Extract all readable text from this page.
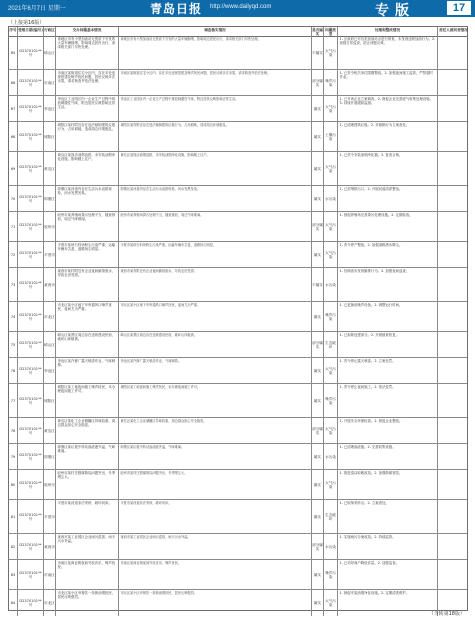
2021年6月7日 星期一	青岛日报 http://www.dailyqd.com	专版	17
（上接第16版）
序号 受理日期(编号) 行政区	交办问题基本情况	调查核实情况	是否属实
问题类型
处理和整改情况	责任人被问责情况
65	D2370101**号	崂山区
该地区市有小型加油站无资质下引发的大量车辆拥堵，影响周边居民出行，请求相关部门尽快处理。
该地区市有小型加油站无资质下引发的大量车辆拥堵，影响周边居民出行，请求相关部门尽快处理。
不属实 大气污染
1. 区政府已对各类加油站点进行排查，未发现违规加油行为。2. 加强日常巡查，防止问题反弹。
66	D2370101**号	市南区
市南区某街道住宅小区内，存在多处违规搭建及噪声扰民问题，居民反映多次未果，请求核查并依法处理。
市南区某街道住宅小区内，存在多处违规搭建及噪声扰民问题，居民反映多次未果，请求核查并依法处理。
部分属实
噪声污染
1. 已责令相关单位限期整改。2. 加强夜间施工监管，严禁超时作业。
67	D2370101**号	李沧区
李沧区工业园区内一企业生产过程中排放刺激性气味，附近居民反映影响正常生活。
李沧区工业园区内一企业生产过程中排放刺激性气味，附近居民反映影响正常生活。
属实	大气污染
1. 已对该企业立案调查。2. 督促企业完善废气收集处理设施。3. 持续开展跟踪监测。
68	D2370101**号	城阳区
城阳区某村附近存在违法倾倒建筑垃圾行为，占用耕地，造成周边环境脏乱。
城阳区某村附近存在违法倾倒建筑垃圾行为，占用耕地，造成周边环境脏乱。
属实	土壤污染
1. 已清理建筑垃圾。2. 对倾倒行为立案查处。
69	D2370101**号	黄岛区
黄岛区某饭店油烟直排，未安装油烟净化设施，影响楼上住户。
黄岛区某饭店油烟直排，未安装油烟净化设施，影响楼上住户。
属实	大气污染
1. 已责令安装油烟净化器。2. 复查合格。
70	D2370101**号	即墨区
即墨区某河道内存在生活污水直排现象，河水发黑发臭。
即墨区某河道内存在生活污水直排现象，河水发黑发臭。
属实	水污染
1. 已封堵排污口。2. 开展河道清淤整治。
71	D2370101**号	胶州市
胶州市某养殖场粪污处理不当，随意排放，周边气味难闻。
胶州市某养殖场粪污处理不当，随意排放，周边气味难闻。
部分属实
大气污染
1. 督促养殖场完善粪污处理设施。2. 定期检查。
72	D2370101**号	平度市
平度市某砂石料场粉尘污染严重，运输车辆未苫盖，道路扬尘明显。
平度市某砂石料场粉尘污染严重，运输车辆未苫盖，道路扬尘明显。
属实	大气污染
1. 责令停产整改。2. 加强道路洒水降尘。
73	D2370101**号	莱西市
莱西市某村附近有企业夜间偷排废水，导致农田受损。
莱西市某村附近有企业夜间偷排废水，导致农田受损。
不属实 水污染
1. 经调查未发现偷排行为。2. 加强夜间巡查。
74	D2370101**号	市北区
市北区某小区地下车库通风口噪声扰民，夜间尤为严重。
市北区某小区地下车库通风口噪声扰民，夜间尤为严重。
属实	噪声污染
1. 已更换低噪声设备。2. 调整运行时间。
75	D2370101**号	崂山区
崂山区某景区周边存在违规建设民宿，破坏山体植被。
崂山区某景区周边存在违规建设民宿，破坏山体植被。
部分属实
生态破坏
1. 已拆除违建部分。2. 开展植被恢复。
76	D2370101**号	李沧区
李沧区某汽修厂露天喷漆作业，气味刺鼻。
李沧区某汽修厂露天喷漆作业，气味刺鼻。
属实	大气污染
1. 责令停止露天喷漆。2. 立案处罚。
77	D2370101**号	城阳区
城阳区某工地夜间施工噪声扰民，未办理夜间施工许可。
城阳区某工地夜间施工噪声扰民，未办理夜间施工许可。
属实	噪声污染
1. 责令停止夜间施工。2. 依法处罚。
78	D2370101**号	黄岛区
黄岛区某化工企业储罐区异味较重，周边群众担心安全隐患。
黄岛区某化工企业储罐区异味较重，周边群众担心安全隐患。
部分属实
大气污染
1. 开展安全环保检查。2. 督促企业整改。
79	D2370101**号	即墨区
即墨区某垃圾中转站渗滤液外溢，气味难闻。
即墨区某垃圾中转站渗滤液外溢，气味难闻。
属实	水污染
1. 已清理渗滤液。2. 完善收集设施。
80	D2370101**号	胶州市
胶州市某村庄燃煤散烧问题突出，冬季烟尘大。
胶州市某村庄燃煤散烧问题突出，冬季烟尘大。
属实	大气污染
1. 推进清洁取暖改造。2. 加强散煤管控。
81	D2370101**号	平度市
平度市某河道非法采砂，破坏河床。	平度市某河道非法采砂，破坏河床。
属实	生态破坏
1. 已取缔采砂点。2. 立案查处。
82	D2370101**号	莱西市
莱西市某工业园区企业雨污混排，雨天污水外溢。
莱西市某工业园区企业雨污混排，雨天污水外溢。
部分属实	水污染
1. 实施雨污分流改造。2. 持续监管。
83	D2370101**号	市南区
市南区某商业街夜间外放音乐，噪声扰民。
市南区某商业街夜间外放音乐，噪声扰民。
属实	噪声污染
1. 已劝导商户降低音量。2. 加强巡查。
84	D2370101**号	市北区
市北区某小区旁餐饮一条街油烟扰民，居民反映强烈。
市北区某小区旁餐饮一条街油烟扰民，居民反映强烈。
属实	大气污染
1. 督促安装油烟净化设施。2. 定期清洗维护。
（下转第18版）
